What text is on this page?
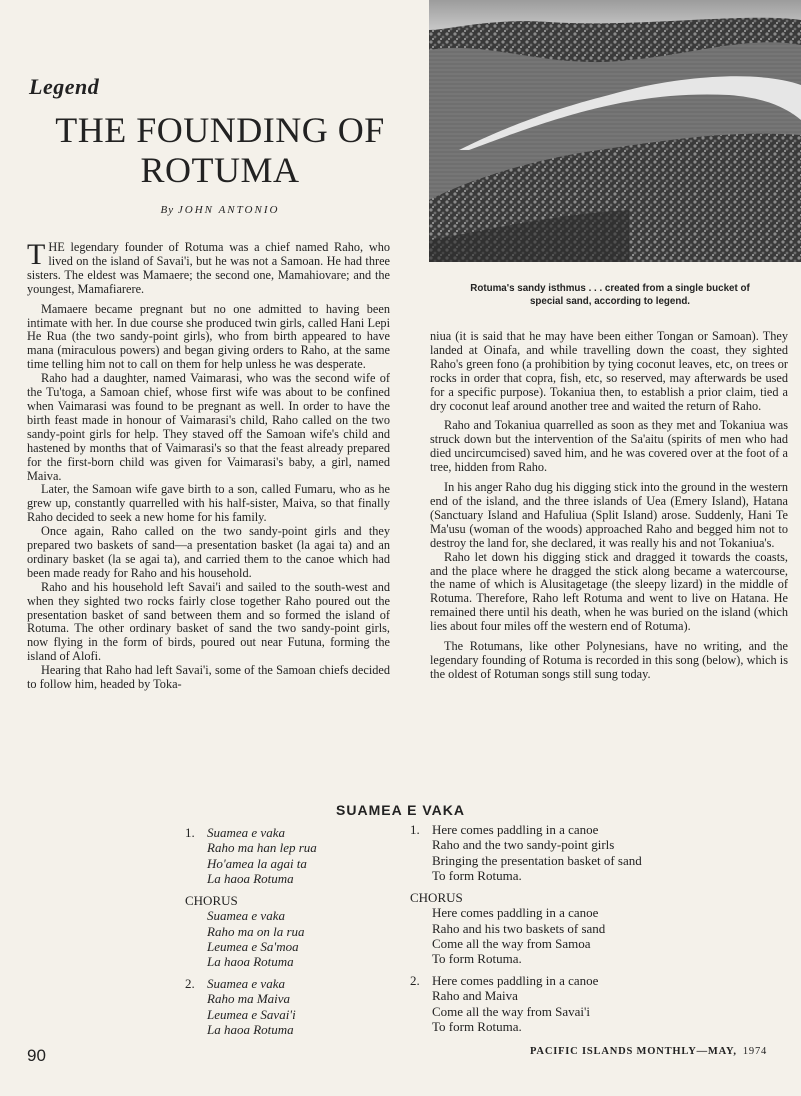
Legend
THE FOUNDING OF
ROTUMA
By JOHN ANTONIO
Rotuma's sandy isthmus . . . created from a single bucket of
special sand, according to legend.

THE legendary founder of Rotuma was a chief named Raho, who lived on the island of Savai'i, but he was not a Samoan. He had three sisters. The eldest was Mamaere; the second one, Mamahiovare; and the youngest, Mamafiarere.

Mamaere became pregnant but no one admitted to having been intimate with her. In due course she produced twin girls, called Hani Lepi He Rua (the two sandy-point girls), who from birth appeared to have mana (miraculous powers) and began giving orders to Raho, at the same time telling him not to call on them for help unless he was desperate.

Raho had a daughter, named Vaimarasi, who was the second wife of the Tu'toga, a Samoan chief, whose first wife was about to be confined when Vaimarasi was found to be pregnant as well. In order to have the birth feast made in honour of Vaimarasi's child, Raho called on the two sandy-point girls for help. They staved off the Samoan wife's child and hastened by months that of Vaimarasi's so that the feast already prepared for the first-born child was given for Vaimarasi's baby, a girl, named Maiva.

Later, the Samoan wife gave birth to a son, called Fumaru, who as he grew up, constantly quarrelled with his half-sister, Maiva, so that finally Raho decided to seek a new home for his family.

Once again, Raho called on the two sandy-point girls and they prepared two baskets of sand—a presentation basket (la agai ta) and an ordinary basket (la se agai ta), and carried them to the canoe which had been made ready for Raho and his household.

Raho and his household left Savai'i and sailed to the south-west and when they sighted two rocks fairly close together Raho poured out the presentation basket of sand between them and so formed the island of Rotuma. The other ordinary basket of sand the two sandy-point girls, now flying in the form of birds, poured out near Futuna, forming the island of Alofi.

Hearing that Raho had left Savai'i, some of the Samoan chiefs decided to follow him, headed by Toka-

niua (it is said that he may have been either Tongan or Samoan). They landed at Oinafa, and while travelling down the coast, they sighted Raho's green fono (a prohibition by tying coconut leaves, etc, on trees or rocks in order that copra, fish, etc, so reserved, may afterwards be used for a specific purpose). Tokaniua then, to establish a prior claim, tied a dry coconut leaf around another tree and waited the return of Raho.

Raho and Tokaniua quarrelled as soon as they met and Tokaniua was struck down but the intervention of the Sa'aitu (spirits of men who had died uncircumcised) saved him, and he was covered over at the foot of a tree, hidden from Raho.

In his anger Raho dug his digging stick into the ground in the western end of the island, and the three islands of Uea (Emery Island), Hatana (Sanctuary Island and Hafuliua (Split Island) arose. Suddenly, Hani Te Ma'usu (woman of the woods) approached Raho and begged him not to destroy the land for, she declared, it was really his and not Tokaniua's.

Raho let down his digging stick and dragged it towards the coasts, and the place where he dragged the stick along became a watercourse, the name of which is Alusitagetage (the sleepy lizard) in the middle of Rotuma. Therefore, Raho left Rotuma and went to live on Hatana. He remained there until his death, when he was buried on the island (which lies about four miles off the western end of Rotuma).

The Rotumans, like other Polynesians, have no writing, and the legendary founding of Rotuma is recorded in this song (below), which is the oldest of Rotuman songs still sung today.

SUAMEA E VAKA
1. Suamea e vaka
Raho ma han lep rua
Ho'amea la agai ta
La haoa Rotuma
CHORUS
Suamea e vaka
Raho ma on la rua
Leumea e Sa'moa
La haoa Rotuma
2. Suamea e vaka
Raho ma Maiva
Leumea e Savai'i
La haoa Rotuma
1. Here comes paddling in a canoe
Raho and the two sandy-point girls
Bringing the presentation basket of sand
To form Rotuma.
CHORUS
Here comes paddling in a canoe
Raho and his two baskets of sand
Come all the way from Samoa
To form Rotuma.
2. Here comes paddling in a canoe
Raho and Maiva
Come all the way from Savai'i
To form Rotuma.
90	PACIFIC ISLANDS MONTHLY—MAY, 1974
